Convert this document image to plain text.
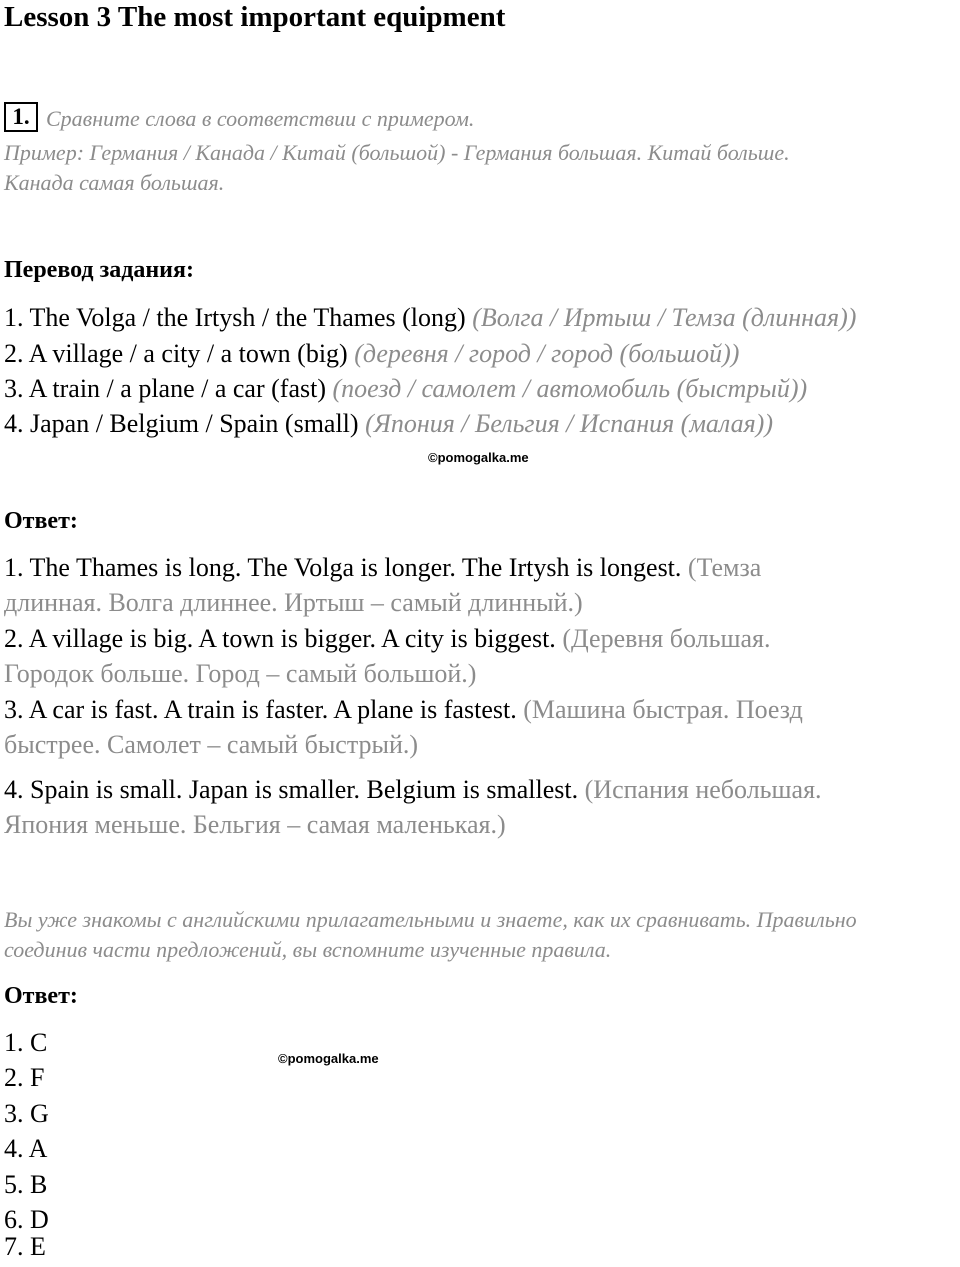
Lesson 3 The most important equipment
1. Сравните слова в соответствии с примером.
Пример: Германия / Канада / Китай (большой) - Германия большая. Китай больше.
Канада самая большая.
Перевод задания:
1. The Volga / the Irtysh / the Thames (long) (Волга / Иртыш / Темза (длинная))
2. A village / a city / a town (big) (деревня / город / город (большой))
3. A train / a plane / a car (fast) (поезд / самолет / автомобиль (быстрый))
4. Japan / Belgium / Spain (small) (Япония / Бельгия / Испания (малая))
©pomogalka.me
Ответ:
1. The Thames is long. The Volga is longer. The Irtysh is longest. (Темза
длинная. Волга длиннее. Иртыш – самый длинный.)
2. A village is big. A town is bigger. A city is biggest. (Деревня большая.
Городок больше. Город – самый большой.)
3. A car is fast. A train is faster. A plane is fastest. (Машина быстрая. Поезд
быстрее. Самолет – самый быстрый.)
4. Spain is small. Japan is smaller. Belgium is smallest. (Испания небольшая.
Япония меньше. Бельгия – самая маленькая.)
Вы уже знакомы с английскими прилагательными и знаете, как их сравнивать. Правильно
соединив части предложений, вы вспомните изученные правила.
Ответ:
1. C
2. F
3. G
4. A
5. B
6. D
7. E
©pomogalka.me
